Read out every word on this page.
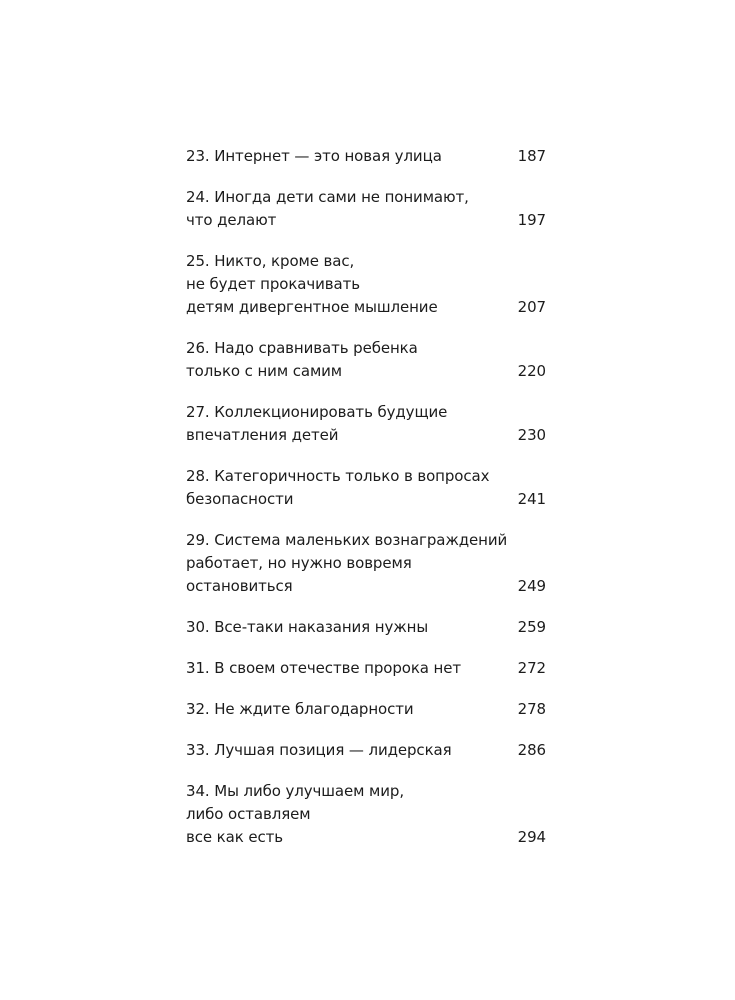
23. Интернет — это новая улица	187
24. Иногда дети сами не понимают,
что делают	197
25. Никто, кроме вас,
не будет прокачивать
детям дивергентное мышление	207
26. Надо сравнивать ребенка
только с ним самим	220
27. Коллекционировать будущие
впечатления детей	230
28. Категоричность только в вопросах
безопасности	241
29. Система маленьких вознаграждений
работает, но нужно вовремя
остановиться	249
30. Все-таки наказания нужны	259
31. В своем отечестве пророка нет	272
32. Не ждите благодарности	278
33. Лучшая позиция — лидерская	286
34. Мы либо улучшаем мир,
либо оставляем
все как есть	294
